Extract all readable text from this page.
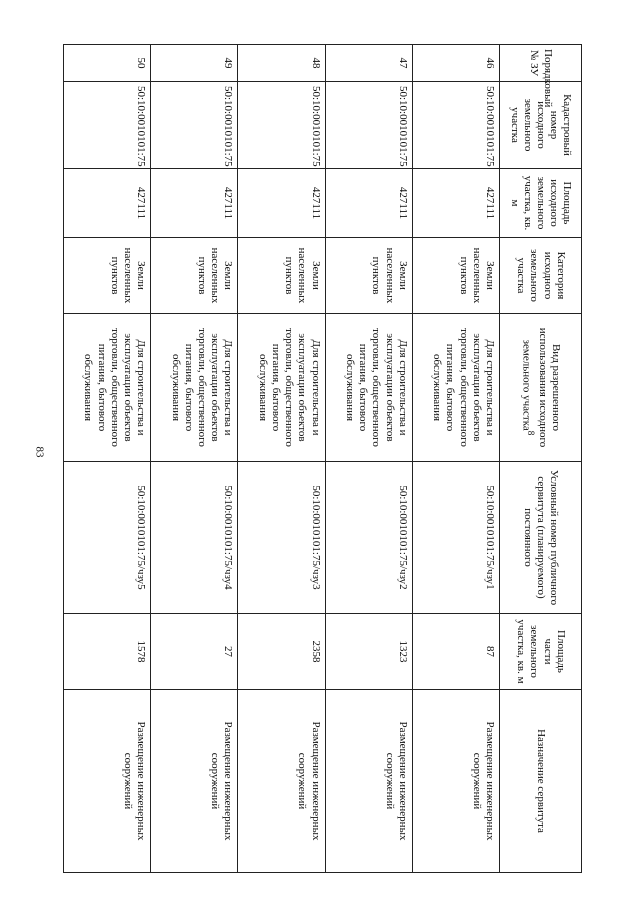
83
Порядковый № ЗУ	Кадастровый номер исходного земельного участка	Площадь исходного земельного участка, кв. м	Категория исходного земельного участка	Вид разрешенного использования исходного земельного участка$^8$	Условный номер публичного сервитута (планируемого) постоянного	Площадь части земельного участка, кв. м	Назначение сервитута
46	50:10:0010101:75	427111	Земли населенных пунктов	Для строительства и эксплуатации объектов торговли, общественного питания, бытового обслуживания	50:10:0010101:75/чзу1	87	Размещение инженерных сооружений
47	50:10:0010101:75	427111	Земли населенных пунктов	Для строительства и эксплуатации объектов торговли, общественного питания, бытового обслуживания	50:10:0010101:75/чзу2	1323	Размещение инженерных сооружений
48	50:10:0010101:75	427111	Земли населенных пунктов	Для строительства и эксплуатации объектов торговли, общественного питания, бытового обслуживания	50:10:0010101:75/чзу3	2358	Размещение инженерных сооружений
49	50:10:0010101:75	427111	Земли населенных пунктов	Для строительства и эксплуатации объектов торговли, общественного питания, бытового обслуживания	50:10:0010101:75/чзу4	27	Размещение инженерных сооружений
50	50:10:0010101:75	427111	Земли населенных пунктов	Для строительства и эксплуатации объектов торговли, общественного питания, бытового обслуживания	50:10:0010101:75/чзу5	1578	Размещение инженерных сооружений
